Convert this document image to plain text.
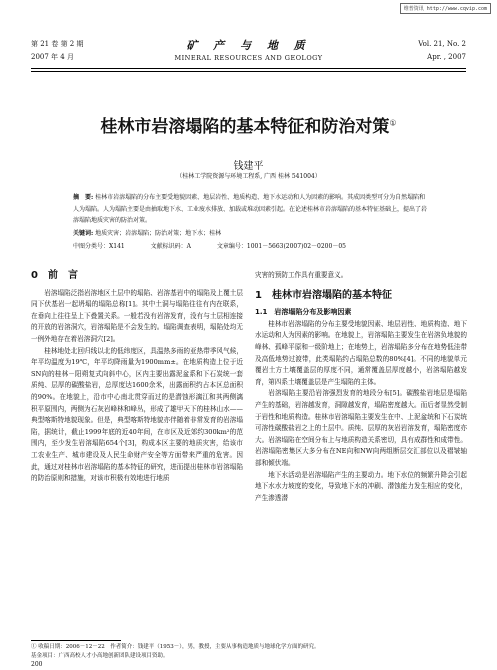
维普资讯 http://www.cqvip.com
第 21 卷 第 2 期
2007 年 4 月
矿 产 与 地 质
MINERAL RESOURCES AND GEOLOGY
Vol. 21, No. 2
Apr. , 2007
桂林市岩溶塌陷的基本特征和防治对策①
钱建平
（桂林工学院资源与环境工程系, 广西 桂林 541004）
摘　要: 桂林市岩溶塌陷的分布主要受地貌因素、地层岩性、地质构造、地下水运动和人为因素的影响。其成因类型可分为自然塌陷和人为塌陷。人为塌陷主要是由抽取地下水、工业废水排放、加载或堆动因素引起。在论述桂林市岩溶塌陷的基本特征基础上，提出了岩溶塌陷地质灾害的防治对策。
关键词: 地质灾害；岩溶塌陷；防治对策；地下水；桂林
中图分类号：X141	文献标识码：A	文章编号：1001－5663(2007)02－0200－05
0　前　言

岩溶塌陷泛指岩溶地区土层中的塌陷、岩溶基岩中的塌陷及上覆土层同下伏基岩一起坍塌的塌陷总称[1]。其中土洞与塌陷往往有内在联系，在垂向上往往呈上下叠置关系。一般若没有岩溶发育，没有与土层相连接的开放的岩溶洞穴，岩溶塌陷是不会发生的。塌陷调查表明，塌陷处均无一例外地存在着岩溶洞穴[2]。

桂林地处北回归线以北的低纬度区，具温热多雨的亚热带季风气候，年平均温度为19℃，年平均降雨量为1900mm±。在地质构造上位于近SN向的桂林－阳朔复式向斜中心，区内主要出露泥盆系和下石炭统一套质纯、层厚的碳酸盐岩，总厚度达1600余米，出露面积约占本区总面积的90%。在地貌上，沿市中心南北贯穿而过的是潜蚀形漓江和其两侧漓积平原围内，两侧为石灰岩峰林和峰丛，形成了雄甲天下的桂林山水——典型喀斯特地貌现象。但是，典型喀斯特地貌亦伴随着非常发育的岩溶塌陷，据统计，截止1999年底的近40年间，在市区及近郊约300km²的范围内，至少发生岩溶塌陷654个[3]，构成本区主要的地质灾害，给该市工农业生产、城市建设及人民生命财产安全等方面带来严重的危害。因此，通过对桂林市岩溶塌陷的基本特征的研究，进而提出桂林市岩溶塌陷的防治原则和措施，对该市积极有效地进行地质

灾害的预防工作具有重要意义。
1　桂林市岩溶塌陷的基本特征
1.1　岩溶塌陷分布及影响因素

桂林市岩溶塌陷的分布主要受地貌因素、地层岩性、地质构造、地下水运动和人为因素的影响。在地貌上，岩溶塌陷主要发生在岩溶负地貌的峰林、孤峰平原和一级阶地上；在地势上，岩溶塌陷多分布在地势低洼带及高低地势过渡带，此类塌陷约占塌陷总数的80%[4]。不同的地貌单元覆岩土方土壤覆盖层的厚度不同，通常覆盖层厚度越小，岩溶塌陷越发育，第四系土壤覆盖层是产生塌陷的主体。

岩溶塌陷主要沿岩溶强烈发育的地段分布[5]。碳酸盐岩地层是塌陷产生的基础，岩溶越发育，洞隙越发育，塌陷密度越大。而后者显然受制于岩性和地质构造。桂林市岩溶塌陷主要发生在中、上泥盆统和下石炭统可溶性碳酸盐岩之上的土层中。质纯、层厚的灰岩岩溶发育，塌陷密度亦大。岩溶塌陷在空间分布上与地质构造关系密切，具有成群性和成带性。岩溶塌陷密集区大多分布在NE向和NW向两组断层交汇部位以及褶皱轴部和倾伏端。

地下水活动是岩溶塌陷产生的主要动力。地下水位的频繁升降会引起地下水水力坡度的变化，导致地下水的冲刷、潜蚀能力发生相应的变化，产生渗透潜

① 收稿日期：2006－12－22　作者简介：钱建平（1953－），男，教授，主要从事构造地质与地球化学方面的研究。
基金项目：广西高校人才小高地创新团队建设项目资助。
200
